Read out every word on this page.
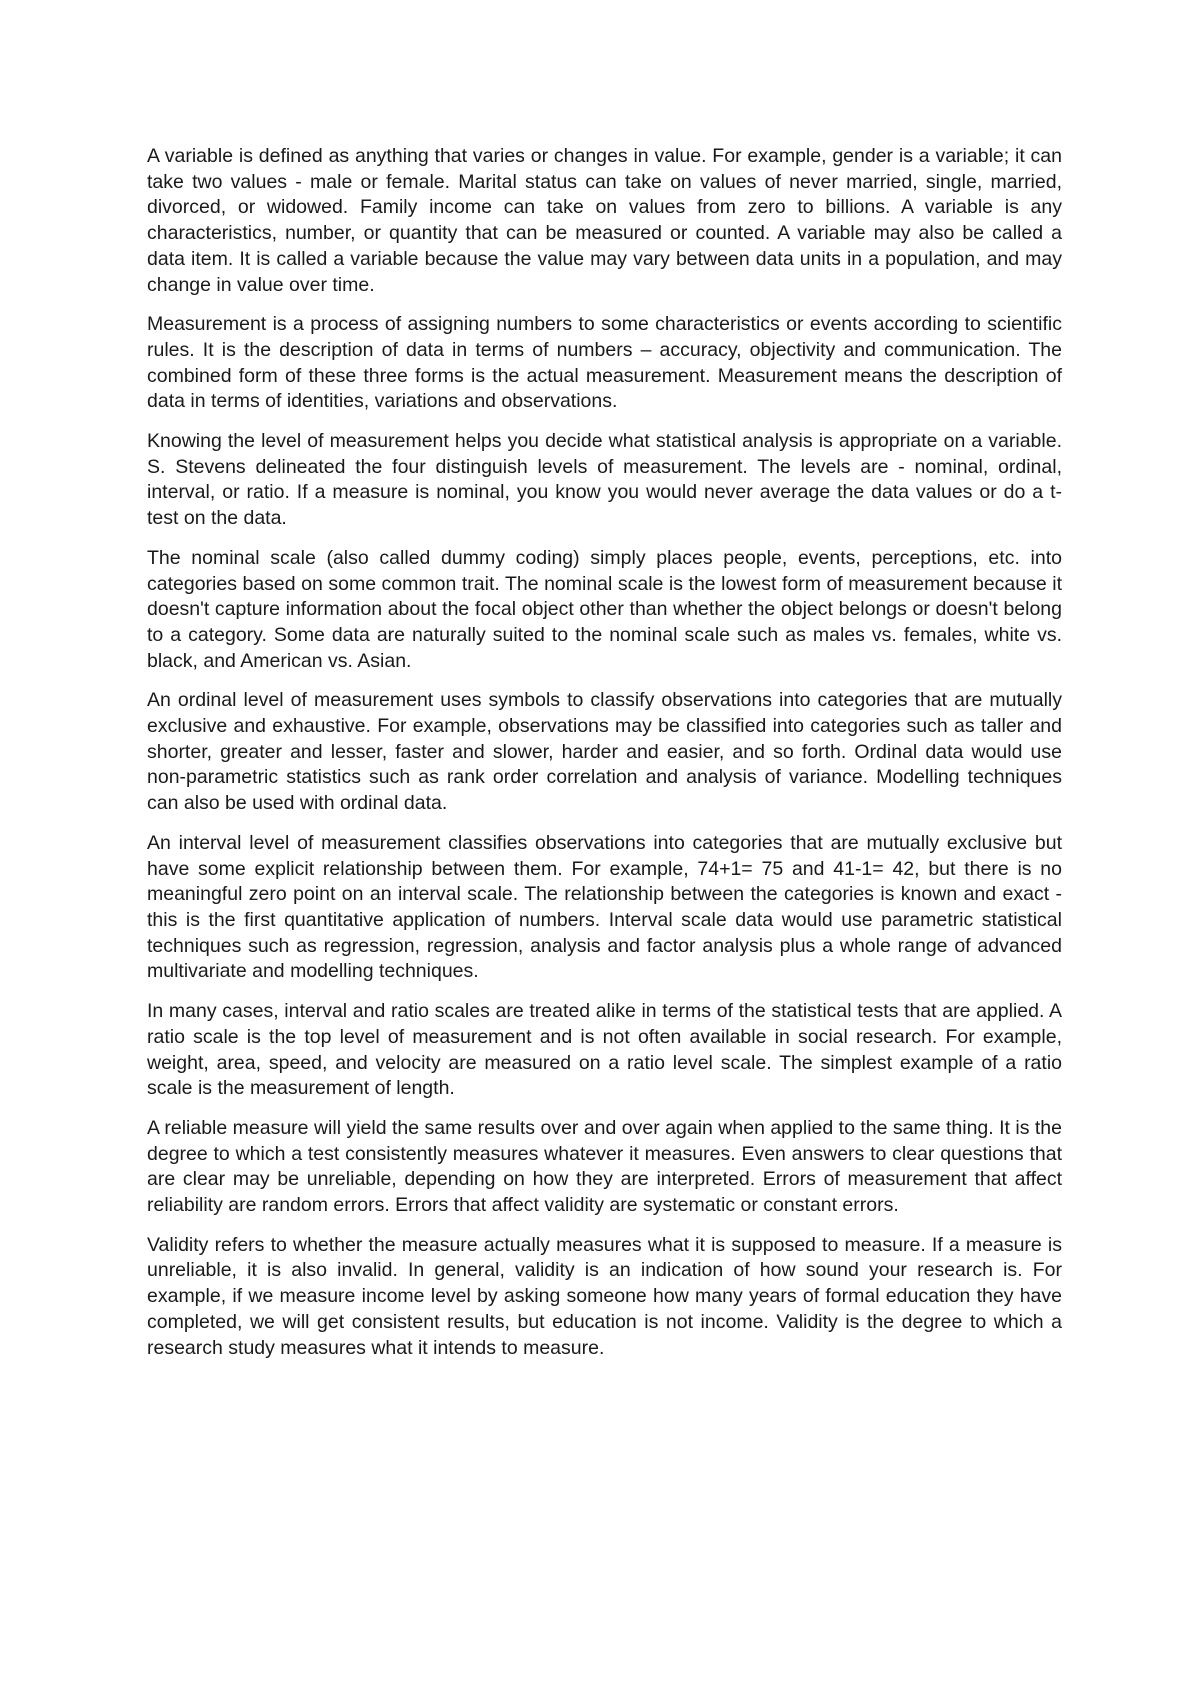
A variable is defined as anything that varies or changes in value. For example, gender is a variable; it can take two values - male or female. Marital status can take on values of never married, single, married, divorced, or widowed. Family income can take on values from zero to billions. A variable is any characteristics, number, or quantity that can be measured or counted. A variable may also be called a data item. It is called a variable because the value may vary between data units in a population, and may change in value over time.

Measurement is a process of assigning numbers to some characteristics or events according to scientific rules. It is the description of data in terms of numbers – accuracy, objectivity and communication. The combined form of these three forms is the actual measurement. Measurement means the description of data in terms of identities, variations and observations.

Knowing the level of measurement helps you decide what statistical analysis is appropriate on a variable. S. Stevens delineated the four distinguish levels of measurement. The levels are - nominal, ordinal, interval, or ratio. If a measure is nominal, you know you would never average the data values or do a t-test on the data.

The nominal scale (also called dummy coding) simply places people, events, perceptions, etc. into categories based on some common trait. The nominal scale is the lowest form of measurement because it doesn't capture information about the focal object other than whether the object belongs or doesn't belong to a category. Some data are naturally suited to the nominal scale such as males vs. females, white vs. black, and American vs. Asian.

An ordinal level of measurement uses symbols to classify observations into categories that are mutually exclusive and exhaustive. For example, observations may be classified into categories such as taller and shorter, greater and lesser, faster and slower, harder and easier, and so forth. Ordinal data would use non-parametric statistics such as rank order correlation and analysis of variance. Modelling techniques can also be used with ordinal data.

An interval level of measurement classifies observations into categories that are mutually exclusive but have some explicit relationship between them. For example, 74+1= 75 and 41-1= 42, but there is no meaningful zero point on an interval scale. The relationship between the categories is known and exact - this is the first quantitative application of numbers. Interval scale data would use parametric statistical techniques such as regression, regression, analysis and factor analysis plus a whole range of advanced multivariate and modelling techniques.

In many cases, interval and ratio scales are treated alike in terms of the statistical tests that are applied. A ratio scale is the top level of measurement and is not often available in social research. For example, weight, area, speed, and velocity are measured on a ratio level scale. The simplest example of a ratio scale is the measurement of length.

A reliable measure will yield the same results over and over again when applied to the same thing. It is the degree to which a test consistently measures whatever it measures. Even answers to clear questions that are clear may be unreliable, depending on how they are interpreted. Errors of measurement that affect reliability are random errors. Errors that affect validity are systematic or constant errors.

Validity refers to whether the measure actually measures what it is supposed to measure. If a measure is unreliable, it is also invalid. In general, validity is an indication of how sound your research is. For example, if we measure income level by asking someone how many years of formal education they have completed, we will get consistent results, but education is not income. Validity is the degree to which a research study measures what it intends to measure.
